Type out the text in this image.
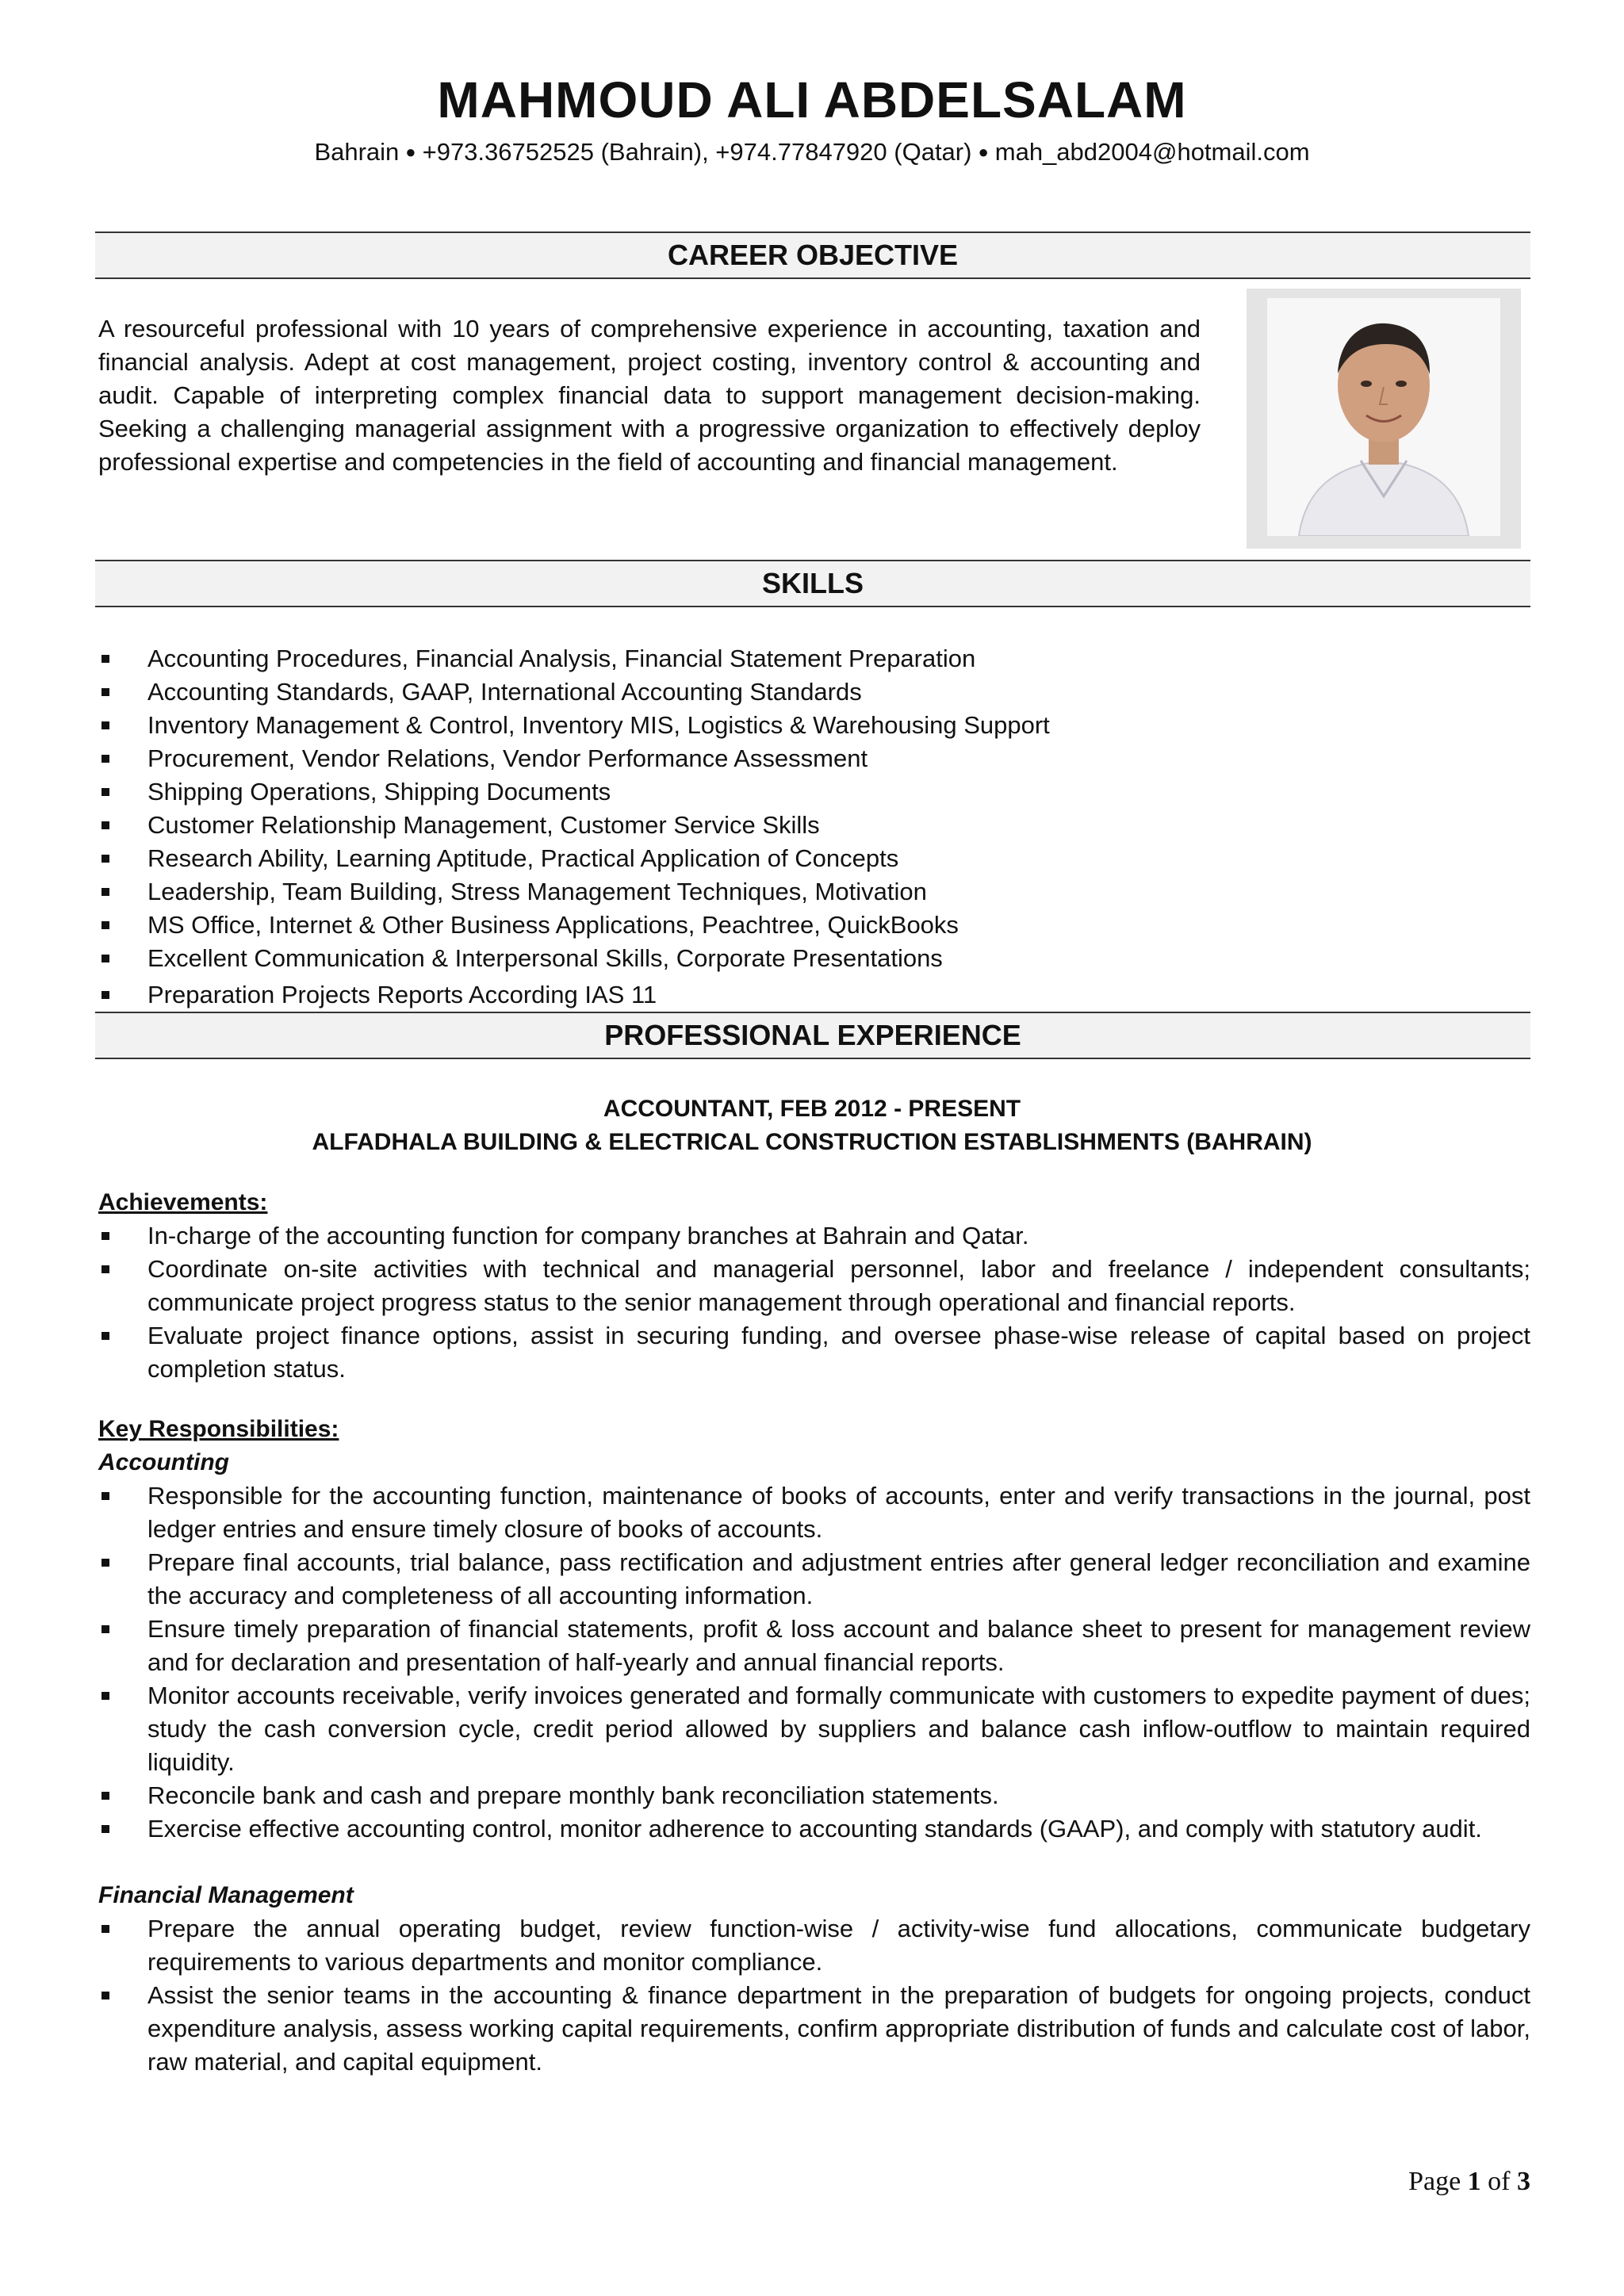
MAHMOUD ALI ABDELSALAM
Bahrain ● +973.36752525 (Bahrain), +974.77847920 (Qatar) ● mah_abd2004@hotmail.com
CAREER OBJECTIVE
A resourceful professional with 10 years of comprehensive experience in accounting, taxation and financial analysis. Adept at cost management, project costing, inventory control & accounting and audit. Capable of interpreting complex financial data to support management decision-making. Seeking a challenging managerial assignment with a progressive organization to effectively deploy professional expertise and competencies in the field of accounting and financial management.
SKILLS
Accounting Procedures, Financial Analysis, Financial Statement Preparation
Accounting Standards, GAAP, International Accounting Standards
Inventory Management & Control, Inventory MIS, Logistics & Warehousing Support
Procurement, Vendor Relations, Vendor Performance Assessment
Shipping Operations, Shipping Documents
Customer Relationship Management, Customer Service Skills
Research Ability, Learning Aptitude, Practical Application of Concepts
Leadership, Team Building, Stress Management Techniques, Motivation
MS Office, Internet & Other Business Applications, Peachtree, QuickBooks
Excellent Communication & Interpersonal Skills, Corporate Presentations
Preparation Projects Reports According IAS 11
PROFESSIONAL EXPERIENCE
ACCOUNTANT, FEB 2012 - PRESENT
ALFADHALA BUILDING & ELECTRICAL CONSTRUCTION ESTABLISHMENTS (BAHRAIN)
Achievements:
In-charge of the accounting function for company branches at Bahrain and Qatar.
Coordinate on-site activities with technical and managerial personnel, labor and freelance / independent consultants; communicate project progress status to the senior management through operational and financial reports.
Evaluate project finance options, assist in securing funding, and oversee phase-wise release of capital based on project completion status.
Key Responsibilities:
Accounting
Responsible for the accounting function, maintenance of books of accounts, enter and verify transactions in the journal, post ledger entries and ensure timely closure of books of accounts.
Prepare final accounts, trial balance, pass rectification and adjustment entries after general ledger reconciliation and examine the accuracy and completeness of all accounting information.
Ensure timely preparation of financial statements, profit & loss account and balance sheet to present for management review and for declaration and presentation of half-yearly and annual financial reports.
Monitor accounts receivable, verify invoices generated and formally communicate with customers to expedite payment of dues; study the cash conversion cycle, credit period allowed by suppliers and balance cash inflow-outflow to maintain required liquidity.
Reconcile bank and cash and prepare monthly bank reconciliation statements.
Exercise effective accounting control, monitor adherence to accounting standards (GAAP), and comply with statutory audit.
Financial Management
Prepare the annual operating budget, review function-wise / activity-wise fund allocations, communicate budgetary requirements to various departments and monitor compliance.
Assist the senior teams in the accounting & finance department in the preparation of budgets for ongoing projects, conduct expenditure analysis, assess working capital requirements, confirm appropriate distribution of funds and calculate cost of labor, raw material, and capital equipment.
Page 1 of 3
